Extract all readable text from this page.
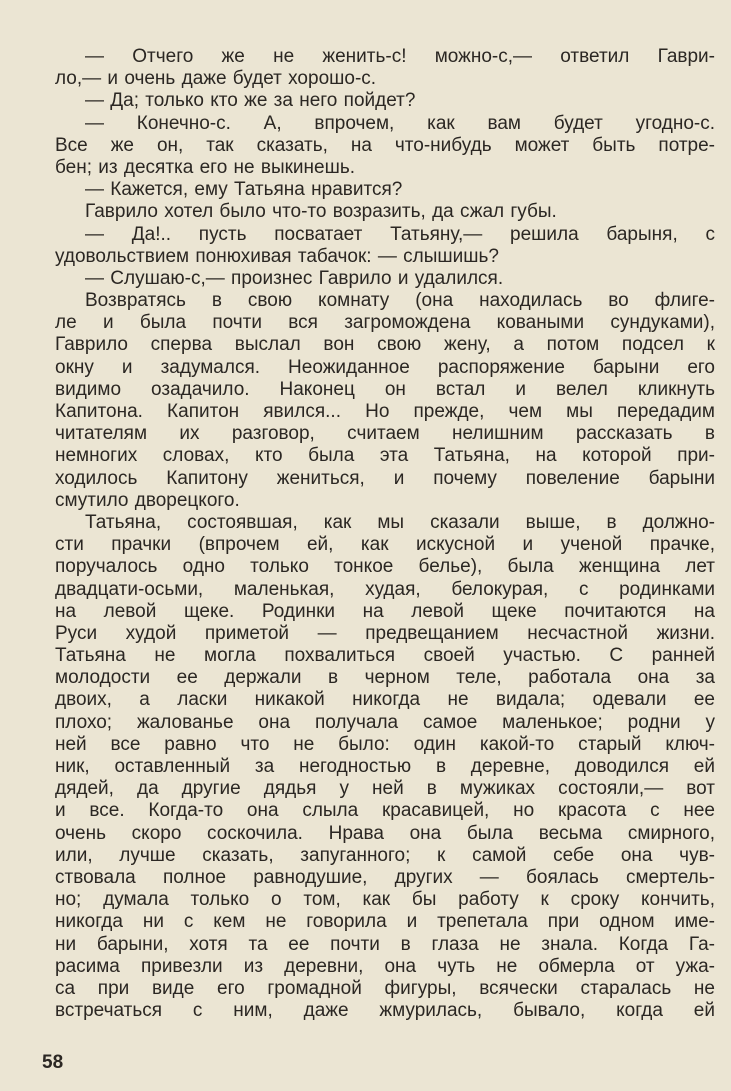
— Отчего же не женить-с! можно-с,— ответил Гаври-
ло,— и очень даже будет хорошо-с.
— Да; только кто же за него пойдет?
— Конечно-с. А, впрочем, как вам будет угодно-с.
Все же он, так сказать, на что-нибудь может быть потре-
бен; из десятка его не выкинешь.
— Кажется, ему Татьяна нравится?
Гаврило хотел было что-то возразить, да сжал губы.
— Да!.. пусть посватает Татьяну,— решила барыня, с
удовольствием понюхивая табачок: — слышишь?
— Слушаю-с,— произнес Гаврило и удалился.
Возвратясь в свою комнату (она находилась во флиге-
ле и была почти вся загромождена коваными сундуками),
Гаврило сперва выслал вон свою жену, а потом подсел к
окну и задумался. Неожиданное распоряжение барыни его
видимо озадачило. Наконец он встал и велел кликнуть
Капитона. Капитон явился... Но прежде, чем мы передадим
читателям их разговор, считаем нелишним рассказать в
немногих словах, кто была эта Татьяна, на которой при-
ходилось Капитону жениться, и почему повеление барыни
смутило дворецкого.
Татьяна, состоявшая, как мы сказали выше, в должно-
сти прачки (впрочем ей, как искусной и ученой прачке,
поручалось одно только тонкое белье), была женщина лет
двадцати-осьми, маленькая, худая, белокурая, с родинками
на левой щеке. Родинки на левой щеке почитаются на
Руси худой приметой — предвещанием несчастной жизни.
Татьяна не могла похвалиться своей участью. С ранней
молодости ее держали в черном теле, работала она за
двоих, а ласки никакой никогда не видала; одевали ее
плохо; жалованье она получала самое маленькое; родни у
ней все равно что не было: один какой-то старый ключ-
ник, оставленный за негодностью в деревне, доводился ей
дядей, да другие дядья у ней в мужиках состояли,— вот
и все. Когда-то она слыла красавицей, но красота с нее
очень скоро соскочила. Нрава она была весьма смирного,
или, лучше сказать, запуганного; к самой себе она чув-
ствовала полное равнодушие, других — боялась смертель-
но; думала только о том, как бы работу к сроку кончить,
никогда ни с кем не говорила и трепетала при одном име-
ни барыни, хотя та ее почти в глаза не знала. Когда Га-
расима привезли из деревни, она чуть не обмерла от ужа-
са при виде его громадной фигуры, всячески старалась не
встречаться с ним, даже жмурилась, бывало, когда ей
58
